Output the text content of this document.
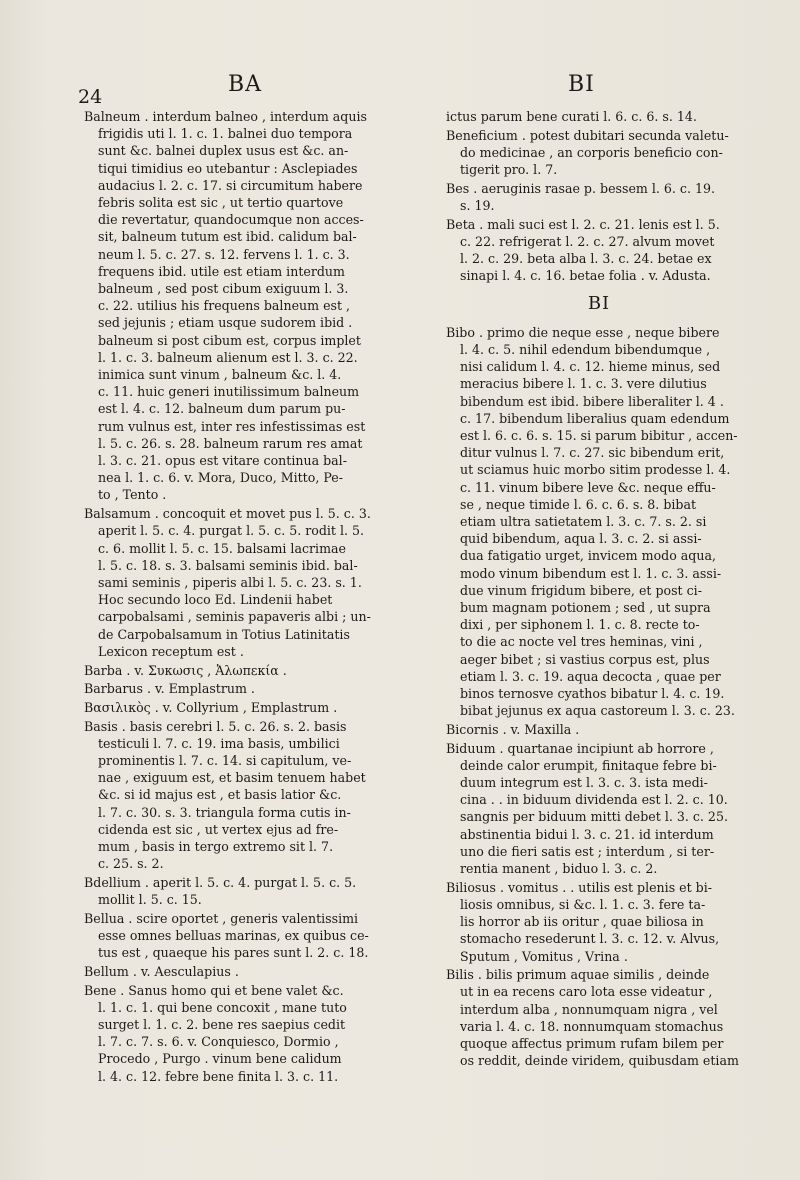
24	BA	BI
Balneum . interdum balneo , interdum aquis
frigidis uti l. 1. c. 1. balnei duo tempora
sunt &c. balnei duplex usus est &c. an-
tiqui timidius eo utebantur : Asclepiades
audacius l. 2. c. 17. si circumitum habere
febris solita est sic , ut tertio quartove
die revertatur, quandocumque non acces-
sit, balneum tutum est ibid. calidum bal-
neum l. 5. c. 27. s. 12. fervens l. 1. c. 3.
frequens ibid. utile est etiam interdum
balneum , sed post cibum exiguum l. 3.
c. 22. utilius his frequens balneum est ,
sed jejunis ; etiam usque sudorem ibid .
balneum si post cibum est, corpus implet
l. 1. c. 3. balneum alienum est l. 3. c. 22.
inimica sunt vinum , balneum &c. l. 4.
c. 11. huic generi inutilissimum balneum
est l. 4. c. 12. balneum dum parum pu-
rum vulnus est, inter res infestissimas est
l. 5. c. 26. s. 28. balneum rarum res amat
l. 3. c. 21. opus est vitare continua bal-
nea l. 1. c. 6. v. Mora, Duco, Mitto, Pe-
to , Tento .
Balsamum . concoquit et movet pus l. 5. c. 3.
aperit l. 5. c. 4. purgat l. 5. c. 5. rodit l. 5.
c. 6. mollit l. 5. c. 15. balsami lacrimae
l. 5. c. 18. s. 3. balsami seminis ibid. bal-
sami seminis , piperis albi l. 5. c. 23. s. 1.
Hoc secundo loco Ed. Lindenii habet
carpobalsami , seminis papaveris albi ; un-
de Carpobalsamum in Totius Latinitatis
Lexicon receptum est .
Barba . v. Συκωσις , Ἀλωπεκία .
Barbarus . v. Emplastrum .
Βασιλικὸς . v. Collyrium , Emplastrum .
Basis . basis cerebri l. 5. c. 26. s. 2. basis
testiculi l. 7. c. 19. ima basis, umbilici
prominentis l. 7. c. 14. si capitulum, ve-
nae , exiguum est, et basim tenuem habet
&c. si id majus est , et basis latior &c.
l. 7. c. 30. s. 3. triangula forma cutis in-
cidenda est sic , ut vertex ejus ad fre-
mum , basis in tergo extremo sit l. 7.
c. 25. s. 2.
Bdellium . aperit l. 5. c. 4. purgat l. 5. c. 5.
mollit l. 5. c. 15.
Bellua . scire oportet , generis valentissimi
esse omnes belluas marinas, ex quibus ce-
tus est , quaeque his pares sunt l. 2. c. 18.
Bellum . v. Aesculapius .
Bene . Sanus homo qui et bene valet &c.
l. 1. c. 1. qui bene concoxit , mane tuto
surget l. 1. c. 2. bene res saepius cedit
l. 7. c. 7. s. 6. v. Conquiesco, Dormio ,
Procedo , Purgo . vinum bene calidum
l. 4. c. 12. febre bene finita l. 3. c. 11.
ictus parum bene curati l. 6. c. 6. s. 14.
Beneficium . potest dubitari secunda valetu-
do medicinae , an corporis beneficio con-
tigerit pro. l. 7.
Bes . aeruginis rasae p. bessem l. 6. c. 19.
s. 19.
Beta . mali suci est l. 2. c. 21. lenis est l. 5.
c. 22. refrigerat l. 2. c. 27. alvum movet
l. 2. c. 29. beta alba l. 3. c. 24. betae ex
sinapi l. 4. c. 16. betae folia . v. Adusta.
BI
Bibo . primo die neque esse , neque bibere
l. 4. c. 5. nihil edendum bibendumque ,
nisi calidum l. 4. c. 12. hieme minus, sed
meracius bibere l. 1. c. 3. vere dilutius
bibendum est ibid. bibere liberaliter l. 4 .
c. 17. bibendum liberalius quam edendum
est l. 6. c. 6. s. 15. si parum bibitur , accen-
ditur vulnus l. 7. c. 27. sic bibendum erit,
ut sciamus huic morbo sitim prodesse l. 4.
c. 11. vinum bibere leve &c. neque effu-
se , neque timide l. 6. c. 6. s. 8. bibat
etiam ultra satietatem l. 3. c. 7. s. 2. si
quid bibendum, aqua l. 3. c. 2. si assi-
dua fatigatio urget, invicem modo aqua,
modo vinum bibendum est l. 1. c. 3. assi-
due vinum frigidum bibere, et post ci-
bum magnam potionem ; sed , ut supra
dixi , per siphonem l. 1. c. 8. recte to-
to die ac nocte vel tres heminas, vini ,
aeger bibet ; si vastius corpus est, plus
etiam l. 3. c. 19. aqua decocta , quae per
binos ternosve cyathos bibatur l. 4. c. 19.
bibat jejunus ex aqua castoreum l. 3. c. 23.
Bicornis . v. Maxilla .
Biduum . quartanae incipiunt ab horrore ,
deinde calor erumpit, finitaque febre bi-
duum integrum est l. 3. c. 3. ista medi-
cina . . in biduum dividenda est l. 2. c. 10.
sangnis per biduum mitti debet l. 3. c. 25.
abstinentia bidui l. 3. c. 21. id interdum
uno die fieri satis est ; interdum , si ter-
rentia manent , biduo l. 3. c. 2.
Biliosus . vomitus . . utilis est plenis et bi-
liosis omnibus, si &c. l. 1. c. 3. fere ta-
lis horror ab iis oritur , quae biliosa in
stomacho resederunt l. 3. c. 12. v. Alvus,
Sputum , Vomitus , Vrina .
Bilis . bilis primum aquae similis , deinde
ut in ea recens caro lota esse videatur ,
interdum alba , nonnumquam nigra , vel
varia l. 4. c. 18. nonnumquam stomachus
quoque affectus primum rufam bilem per
os reddit, deinde viridem, quibusdam etiam
